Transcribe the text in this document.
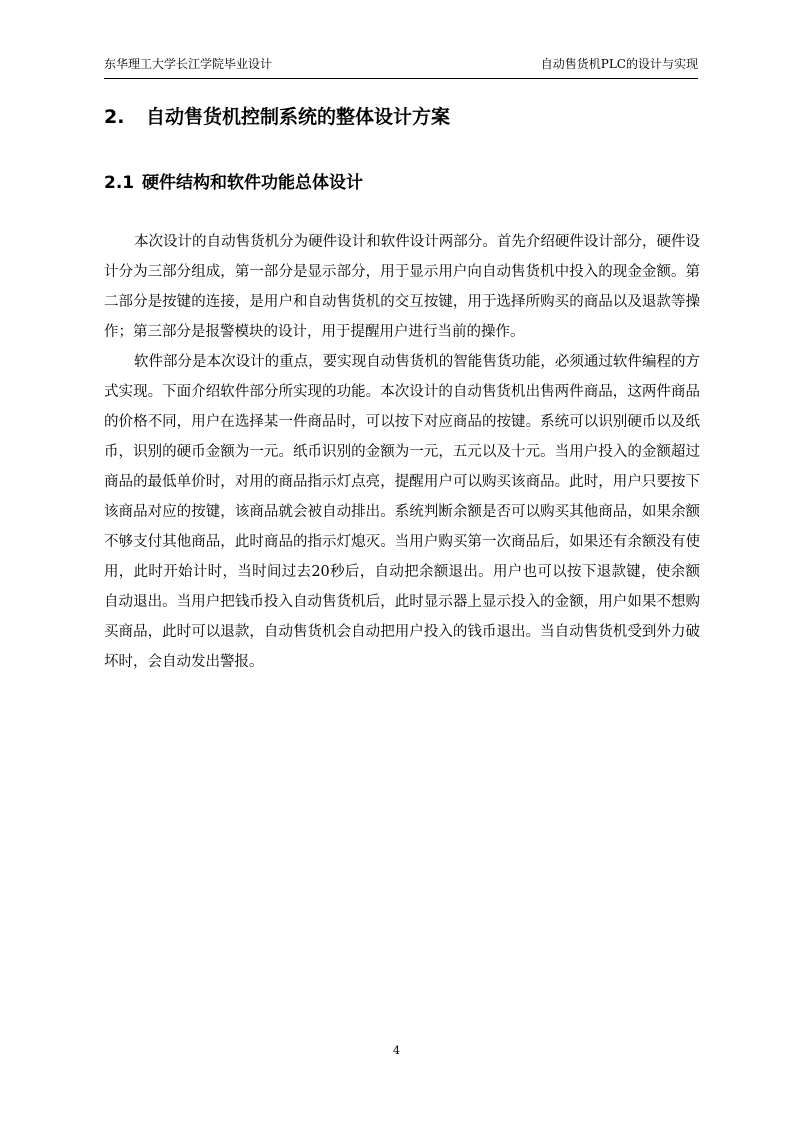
东华理工大学长江学院毕业设计	自动售货机PLC的设计与实现
2. 自动售货机控制系统的整体设计方案
2.1 硬件结构和软件功能总体设计

本次设计的自动售货机分为硬件设计和软件设计两部分。首先介绍硬件设计部分，硬件设计分为三部分组成，第一部分是显示部分，用于显示用户向自动售货机中投入的现金金额。第二部分是按键的连接，是用户和自动售货机的交互按键，用于选择所购买的商品以及退款等操作；第三部分是报警模块的设计，用于提醒用户进行当前的操作。

软件部分是本次设计的重点，要实现自动售货机的智能售货功能，必须通过软件编程的方式实现。下面介绍软件部分所实现的功能。本次设计的自动售货机出售两件商品，这两件商品的价格不同，用户在选择某一件商品时，可以按下对应商品的按键。系统可以识别硬币以及纸币，识别的硬币金额为一元。纸币识别的金额为一元，五元以及十元。当用户投入的金额超过商品的最低单价时，对用的商品指示灯点亮，提醒用户可以购买该商品。此时，用户只要按下该商品对应的按键，该商品就会被自动排出。系统判断余额是否可以购买其他商品，如果余额不够支付其他商品，此时商品的指示灯熄灭。当用户购买第一次商品后，如果还有余额没有使用，此时开始计时，当时间过去20秒后，自动把余额退出。用户也可以按下退款键，使余额自动退出。当用户把钱币投入自动售货机后，此时显示器上显示投入的金额，用户如果不想购买商品，此时可以退款，自动售货机会自动把用户投入的钱币退出。当自动售货机受到外力破坏时，会自动发出警报。

4
